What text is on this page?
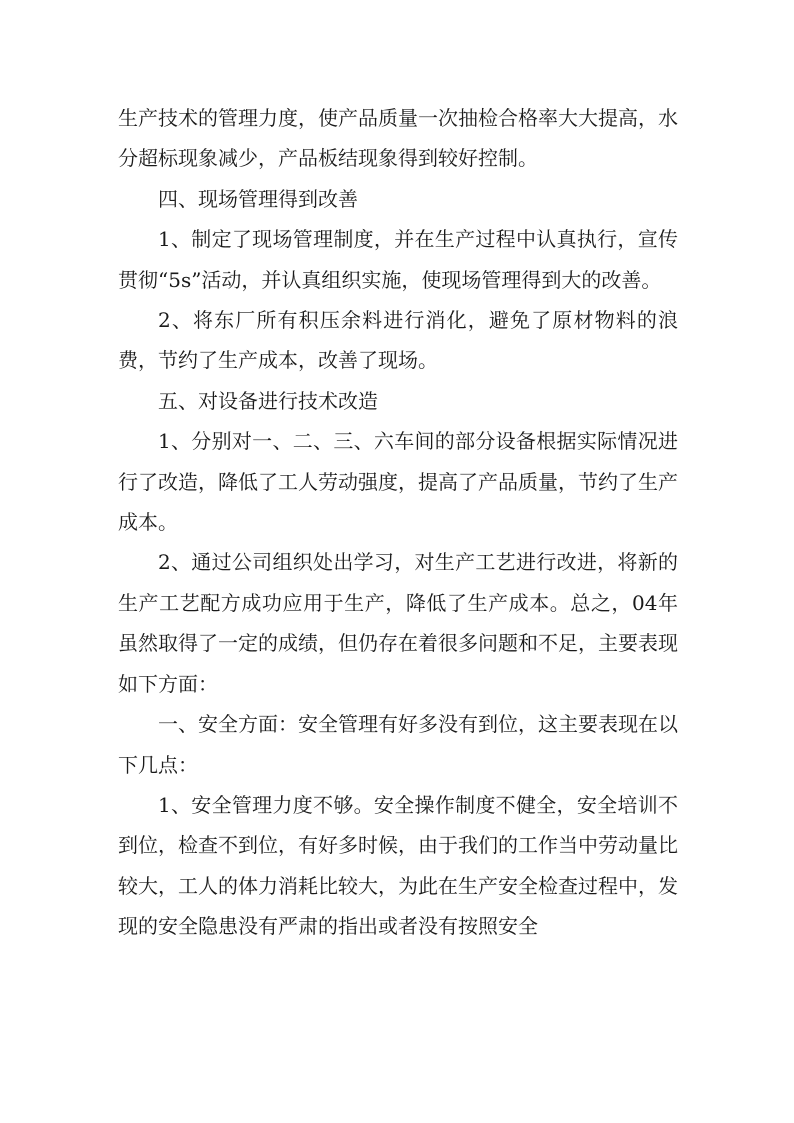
生产技术的管理力度，使产品质量一次抽检合格率大大提高，水分超标现象减少，产品板结现象得到较好控制。

四、现场管理得到改善

1、制定了现场管理制度，并在生产过程中认真执行，宣传贯彻“5s”活动，并认真组织实施，使现场管理得到大的改善。

2、将东厂所有积压余料进行消化，避免了原材物料的浪费，节约了生产成本，改善了现场。

五、对设备进行技术改造

1、分别对一、二、三、六车间的部分设备根据实际情况进行了改造，降低了工人劳动强度，提高了产品质量，节约了生产成本。

2、通过公司组织处出学习，对生产工艺进行改进，将新的生产工艺配方成功应用于生产，降低了生产成本。总之，04年虽然取得了一定的成绩，但仍存在着很多问题和不足，主要表现如下方面：

一、安全方面：安全管理有好多没有到位，这主要表现在以下几点：

1、安全管理力度不够。安全操作制度不健全，安全培训不到位，检查不到位，有好多时候，由于我们的工作当中劳动量比较大，工人的体力消耗比较大，为此在生产安全检查过程中，发现的安全隐患没有严肃的指出或者没有按照安全
